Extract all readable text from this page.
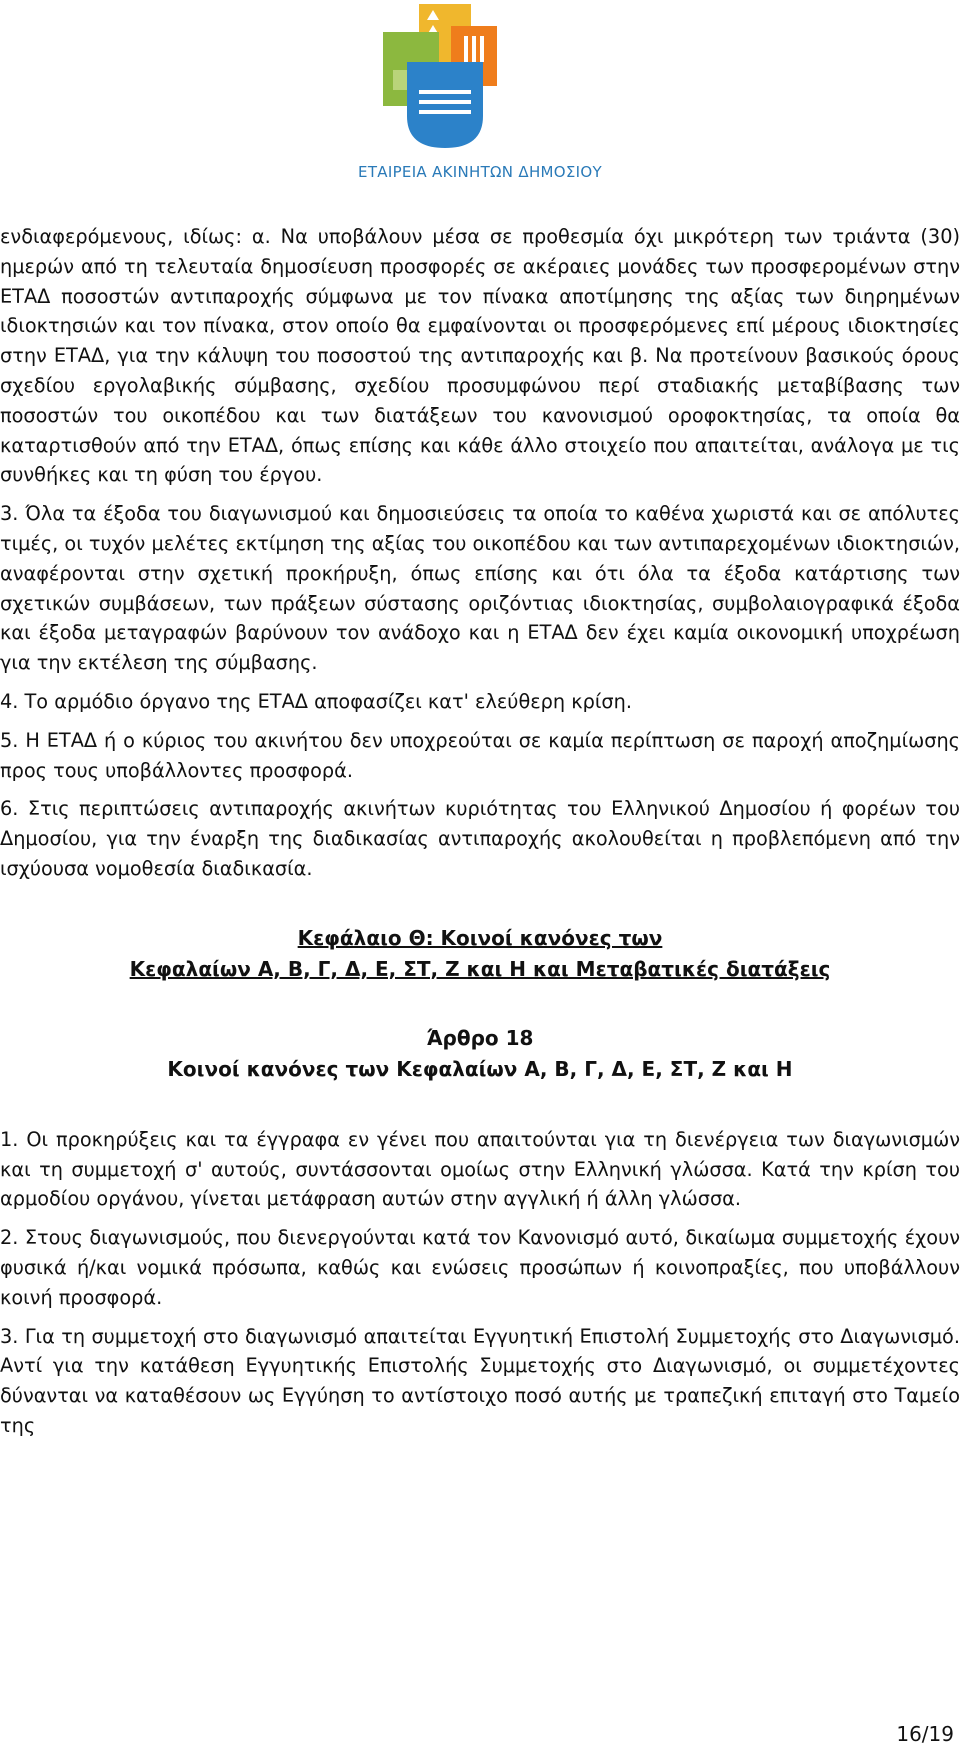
ΕΤΑΙΡΕΙΑ ΑΚΙΝΗΤΩΝ ΔΗΜΟΣΙΟΥ

ενδιαφερόμενους, ιδίως: α. Να υποβάλουν μέσα σε προθεσμία όχι μικρότερη των τριάντα (30) ημερών από τη τελευταία δημοσίευση προσφορές σε ακέραιες μονάδες των προσφερομένων στην ΕΤΑΔ ποσοστών αντιπαροχής σύμφωνα με τον πίνακα αποτίμησης της αξίας των διηρημένων ιδιοκτησιών και τον πίνακα, στον οποίο θα εμφαίνονται οι προσφερόμενες επί μέρους ιδιοκτησίες στην ΕΤΑΔ, για την κάλυψη του ποσοστού της αντιπαροχής και β. Να προτείνουν βασικούς όρους σχεδίου εργολαβικής σύμβασης, σχεδίου προσυμφώνου περί σταδιακής μεταβίβασης των ποσοστών του οικοπέδου και των διατάξεων του κανονισμού οροφοκτησίας, τα οποία θα καταρτισθούν από την ΕΤΑΔ, όπως επίσης και κάθε άλλο στοιχείο που απαιτείται, ανάλογα με τις συνθήκες και τη φύση του έργου.

3. Όλα τα έξοδα του διαγωνισμού και δημοσιεύσεις τα οποία το καθένα χωριστά και σε απόλυτες τιμές, οι τυχόν μελέτες εκτίμηση της αξίας του οικοπέδου και των αντιπαρεχομένων ιδιοκτησιών, αναφέρονται στην σχετική προκήρυξη, όπως επίσης και ότι όλα τα έξοδα κατάρτισης των σχετικών συμβάσεων, των πράξεων σύστασης οριζόντιας ιδιοκτησίας, συμβολαιογραφικά έξοδα και έξοδα μεταγραφών βαρύνουν τον ανάδοχο και η ΕΤΑΔ δεν έχει καμία οικονομική υποχρέωση για την εκτέλεση της σύμβασης.

4. Το αρμόδιο όργανο της ΕΤΑΔ αποφασίζει κατ' ελεύθερη κρίση.

5. Η ΕΤΑΔ ή ο κύριος του ακινήτου δεν υποχρεούται σε καμία περίπτωση σε παροχή αποζημίωσης προς τους υποβάλλοντες προσφορά.

6. Στις περιπτώσεις αντιπαροχής ακινήτων κυριότητας του Ελληνικού Δημοσίου ή φορέων του Δημοσίου, για την έναρξη της διαδικασίας αντιπαροχής ακολουθείται η προβλεπόμενη από την ισχύουσα νομοθεσία διαδικασία.

Κεφάλαιο Θ: Κοινοί κανόνες των

Κεφαλαίων Α, Β, Γ, Δ, Ε, ΣΤ, Ζ και Η και Μεταβατικές διατάξεις

Άρθρο 18

Κοινοί κανόνες των Κεφαλαίων Α, Β, Γ, Δ, Ε, ΣΤ, Ζ και Η

1. Οι προκηρύξεις και τα έγγραφα εν γένει που απαιτούνται για τη διενέργεια των διαγωνισμών και τη συμμετοχή σ' αυτούς, συντάσσονται ομοίως στην Ελληνική γλώσσα. Κατά την κρίση του αρμοδίου οργάνου, γίνεται μετάφραση αυτών στην αγγλική ή άλλη γλώσσα.

2. Στους διαγωνισμούς, που διενεργούνται κατά τον Κανονισμό αυτό, δικαίωμα συμμετοχής έχουν φυσικά ή/και νομικά πρόσωπα, καθώς και ενώσεις προσώπων ή κοινοπραξίες, που υποβάλλουν κοινή προσφορά.

3. Για τη συμμετοχή στο διαγωνισμό απαιτείται Εγγυητική Επιστολή Συμμετοχής στο Διαγωνισμό. Αντί για την κατάθεση Εγγυητικής Επιστολής Συμμετοχής στο Διαγωνισμό, οι συμμετέχοντες δύνανται να καταθέσουν ως Εγγύηση το αντίστοιχο ποσό αυτής με τραπεζική επιταγή στο Ταμείο της

16/19
